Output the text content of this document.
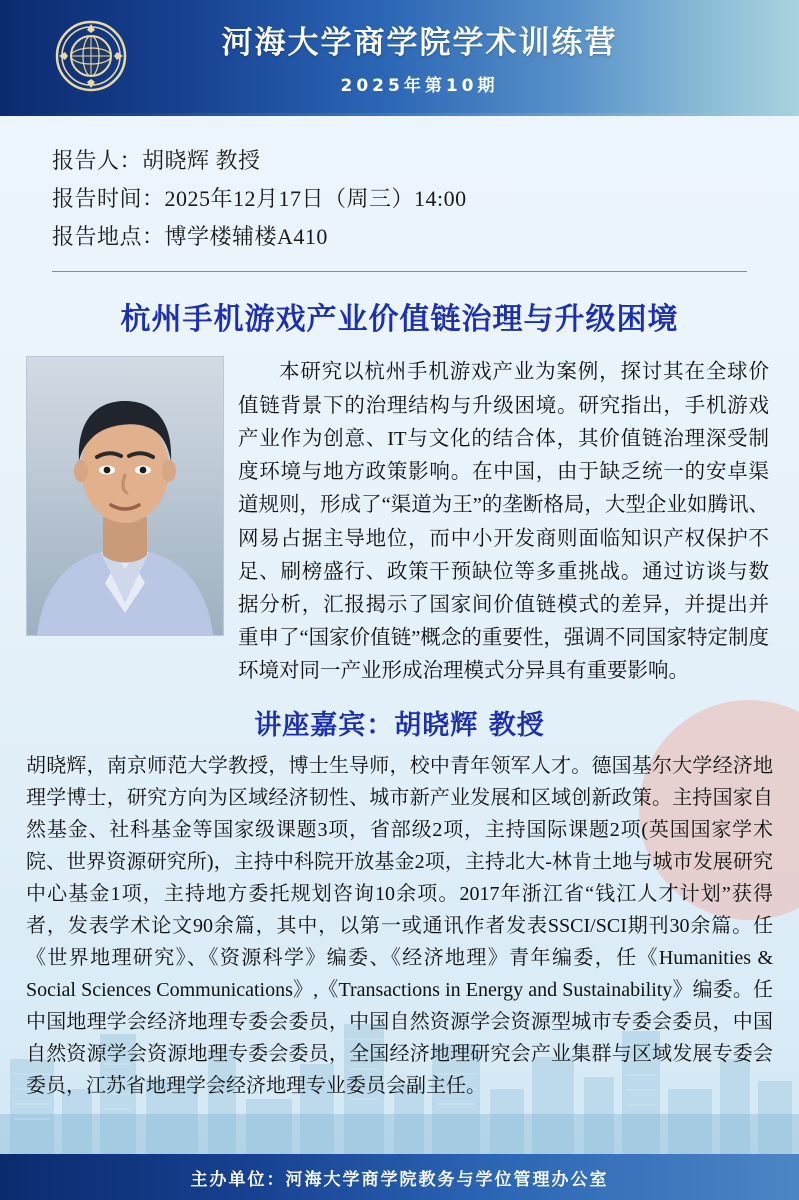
河海大学商学院学术训练营
2025年第10期
报告人：胡晓辉 教授
报告时间：2025年12月17日（周三）14:00
报告地点：博学楼辅楼A410
杭州手机游戏产业价值链治理与升级困境
本研究以杭州手机游戏产业为案例，探讨其在全球价值链背景下的治理结构与升级困境。研究指出，手机游戏产业作为创意、IT与文化的结合体，其价值链治理深受制度环境与地方政策影响。在中国，由于缺乏统一的安卓渠道规则，形成了“渠道为王”的垄断格局，大型企业如腾讯、网易占据主导地位，而中小开发商则面临知识产权保护不足、刷榜盛行、政策干预缺位等多重挑战。通过访谈与数据分析，汇报揭示了国家间价值链模式的差异，并提出并重申了“国家价值链”概念的重要性，强调不同国家特定制度环境对同一产业形成治理模式分异具有重要影响。
讲座嘉宾：胡晓辉 教授
胡晓辉，南京师范大学教授，博士生导师，校中青年领军人才。德国基尔大学经济地理学博士，研究方向为区域经济韧性、城市新产业发展和区域创新政策。主持国家自然基金、社科基金等国家级课题3项，省部级2项，主持国际课题2项(英国国家学术院、世界资源研究所)，主持中科院开放基金2项，主持北大-林肯土地与城市发展研究中心基金1项，主持地方委托规划咨询10余项。2017年浙江省“钱江人才计划”获得者，发表学术论文90余篇，其中，以第一或通讯作者发表SSCI/SCI期刊30余篇。任《世界地理研究》、《资源科学》编委、《经济地理》青年编委，任《Humanities & Social Sciences Communications》,《Transactions in Energy and Sustainability》编委。任中国地理学会经济地理专委会委员，中国自然资源学会资源型城市专委会委员，中国自然资源学会资源地理专委会委员，全国经济地理研究会产业集群与区域发展专委会委员，江苏省地理学会经济地理专业委员会副主任。
主办单位：河海大学商学院教务与学位管理办公室
